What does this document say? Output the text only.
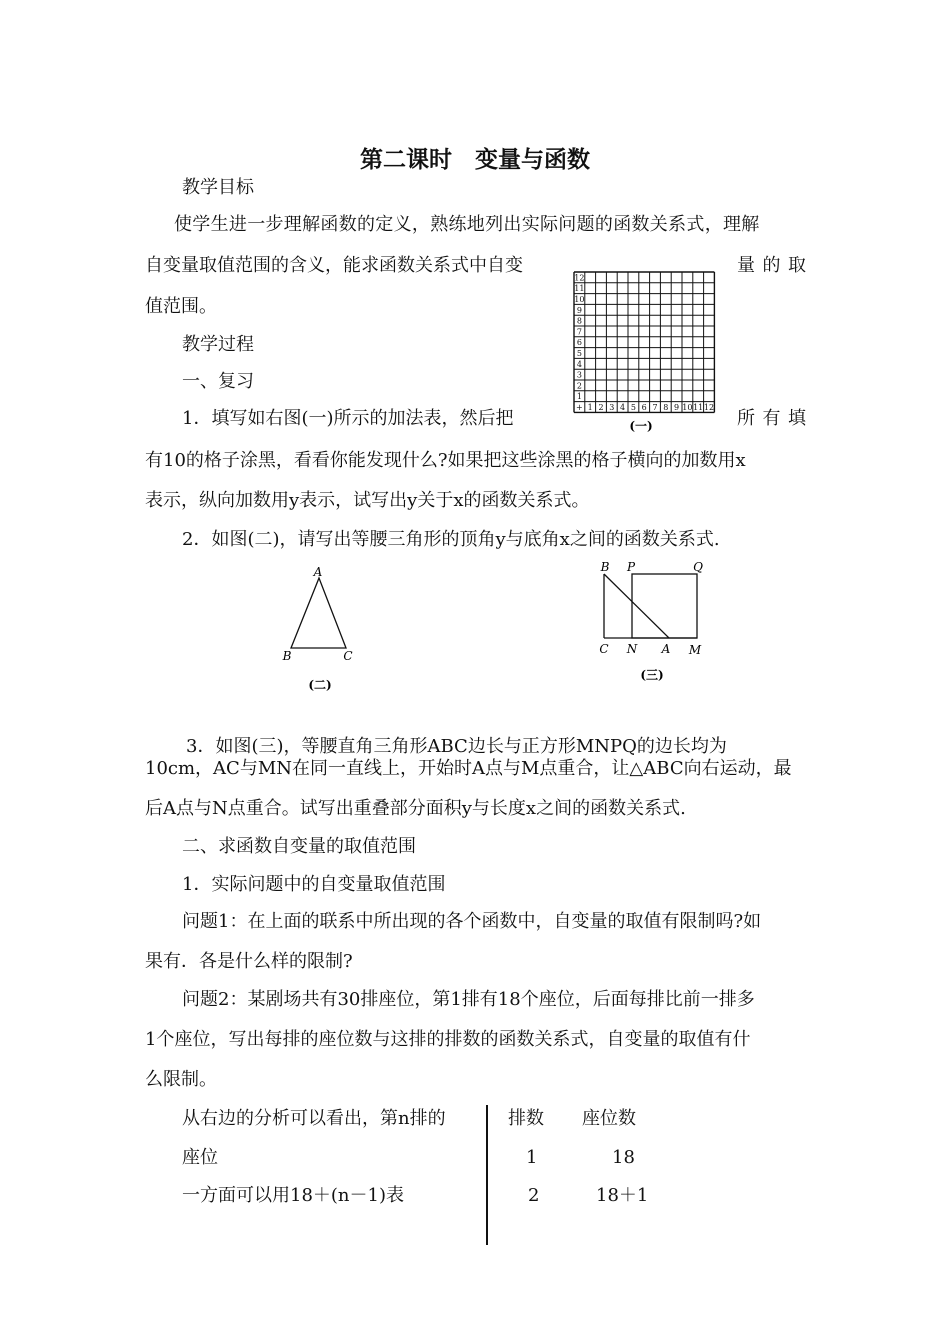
第二课时　变量与函数
教学目标
使学生进一步理解函数的定义，熟练地列出实际问题的函数关系式，理解
自变量取值范围的含义，能求函数关系式中自变	量 的 取
值范围。
教学过程
一、复习
1．填写如右图(一)所示的加法表，然后把	所 有 填
有10的格子涂黑，看看你能发现什么?如果把这些涂黑的格子横向的加数用x
表示，纵向加数用y表示，试写出y关于x的函数关系式。
2．如图(二)，请写出等腰三角形的顶角y与底角x之间的函数关系式.
12
11
10
9
8
7
6
5
4
3
2
1
+ 1 2 3 4 5 6 7 8 9 10 11 12
(一)
A
B	C
(二)
B P	Q
C N A M
(三)
3．如图(三)，等腰直角三角形ABC边长与正方形MNPQ的边长均为
10cm，AC与MN在同一直线上，开始时A点与M点重合，让△ABC向右运动，最
后A点与N点重合。试写出重叠部分面积y与长度x之间的函数关系式.
二、求函数自变量的取值范围
1．实际问题中的自变量取值范围
问题1：在上面的联系中所出现的各个函数中，自变量的取值有限制吗?如
果有．各是什么样的限制?
问题2：某剧场共有30排座位，第1排有18个座位，后面每排比前一排多
1个座位，写出每排的座位数与这排的排数的函数关系式，自变量的取值有什
么限制。
从右边的分析可以看出，第n排的
座位
一方面可以用18＋(n－1)表
排数 座位数
1	18
2	18＋1
